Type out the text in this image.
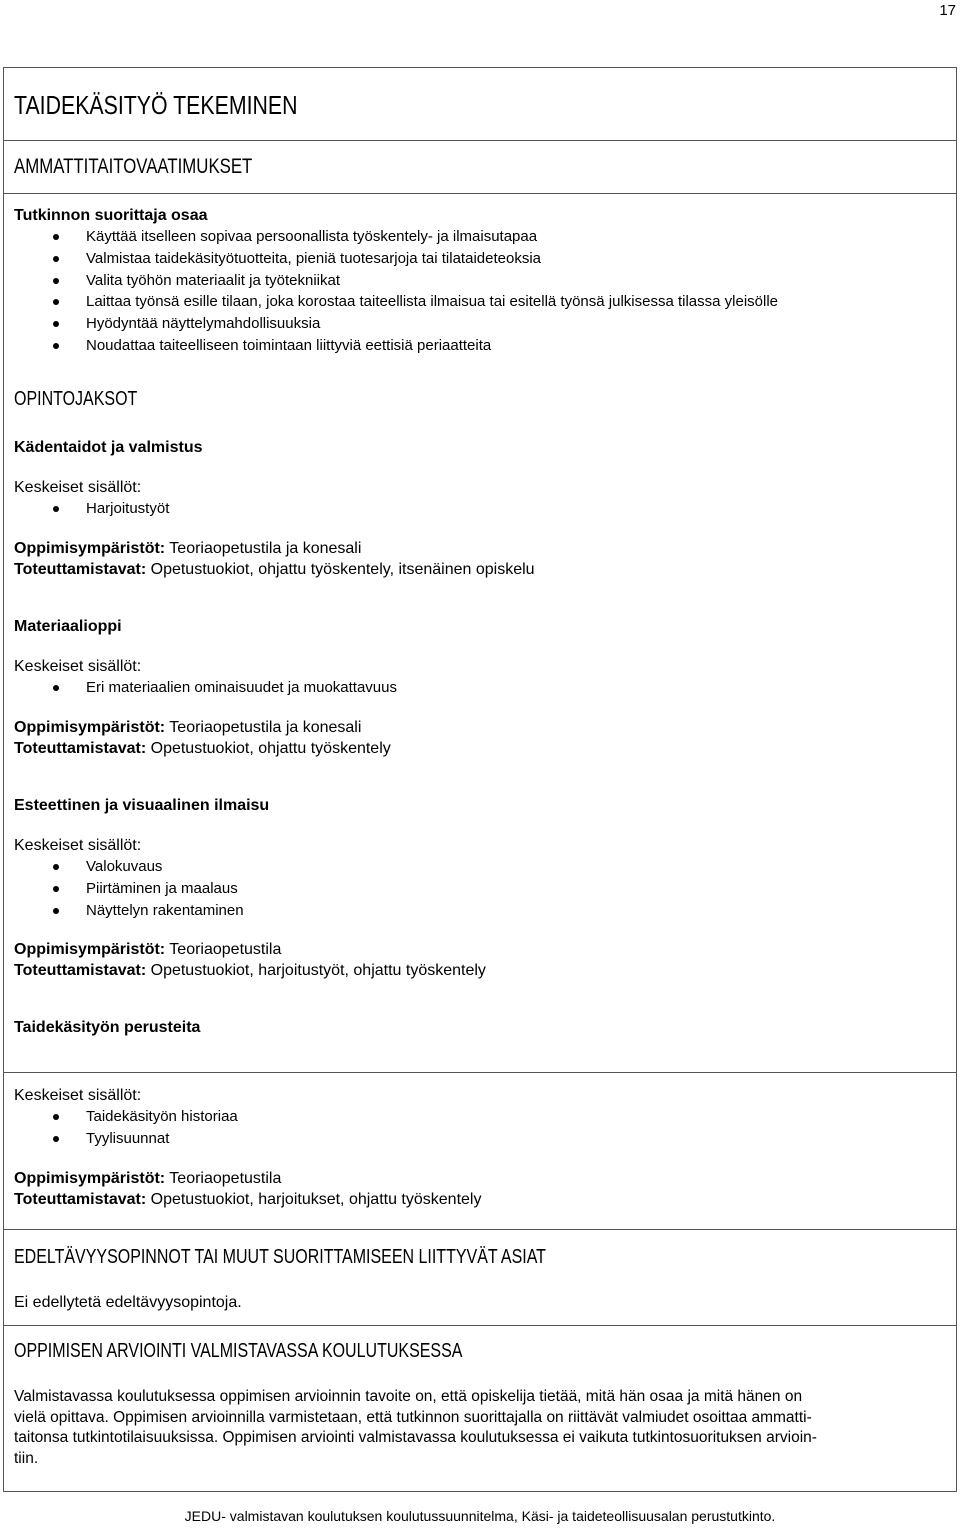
17
TAIDEKÄSITYÖ TEKEMINEN
AMMATTITAITOVAATIMUKSET
Tutkinnon suorittaja osaa
Käyttää itselleen sopivaa persoonallista työskentely- ja ilmaisutapaa
Valmistaa taidekäsityötuotteita, pieniä tuotesarjoja tai tilataideteoksia
Valita työhön materiaalit ja työtekniikat
Laittaa työnsä esille tilaan, joka korostaa taiteellista ilmaisua tai esitellä työnsä julkisessa tilassa yleisölle
Hyödyntää näyttelymahdollisuuksia
Noudattaa taiteelliseen toimintaan liittyviä eettisiä periaatteita
OPINTOJAKSOT
Kädentaidot ja valmistus
Keskeiset sisällöt:
Harjoitustyöt
Oppimisympäristöt: Teoriaopetustila ja konesali
Toteuttamistavat: Opetustuokiot, ohjattu työskentely, itsenäinen opiskelu
Materiaalioppi
Keskeiset sisällöt:
Eri materiaalien ominaisuudet ja muokattavuus
Oppimisympäristöt: Teoriaopetustila ja konesali
Toteuttamistavat: Opetustuokiot, ohjattu työskentely
Esteettinen ja visuaalinen ilmaisu
Keskeiset sisällöt:
Valokuvaus
Piirtäminen ja maalaus
Näyttelyn rakentaminen
Oppimisympäristöt: Teoriaopetustila
Toteuttamistavat: Opetustuokiot, harjoitustyöt, ohjattu työskentely
Taidekäsityön perusteita
Keskeiset sisällöt:
Taidekäsityön historiaa
Tyylisuunnat
Oppimisympäristöt: Teoriaopetustila
Toteuttamistavat: Opetustuokiot, harjoitukset, ohjattu työskentely
EDELTÄVYYSOPINNOT TAI MUUT SUORITTAMISEEN LIITTYVÄT ASIAT
Ei edellytetä edeltävyysopintoja.
OPPIMISEN ARVIOINTI VALMISTAVASSA KOULUTUKSESSA
Valmistavassa koulutuksessa oppimisen arvioinnin tavoite on, että opiskelija tietää, mitä hän osaa ja mitä hänen on
vielä opittava. Oppimisen arvioinnilla varmistetaan, että tutkinnon suorittajalla on riittävät valmiudet osoittaa ammatti-
taitonsa tutkintotilaisuuksissa. Oppimisen arviointi valmistavassa koulutuksessa ei vaikuta tutkintosuorituksen arvioin-
tiin.
JEDU- valmistavan koulutuksen koulutussuunnitelma, Käsi- ja taideteollisuusalan perustutkinto.
